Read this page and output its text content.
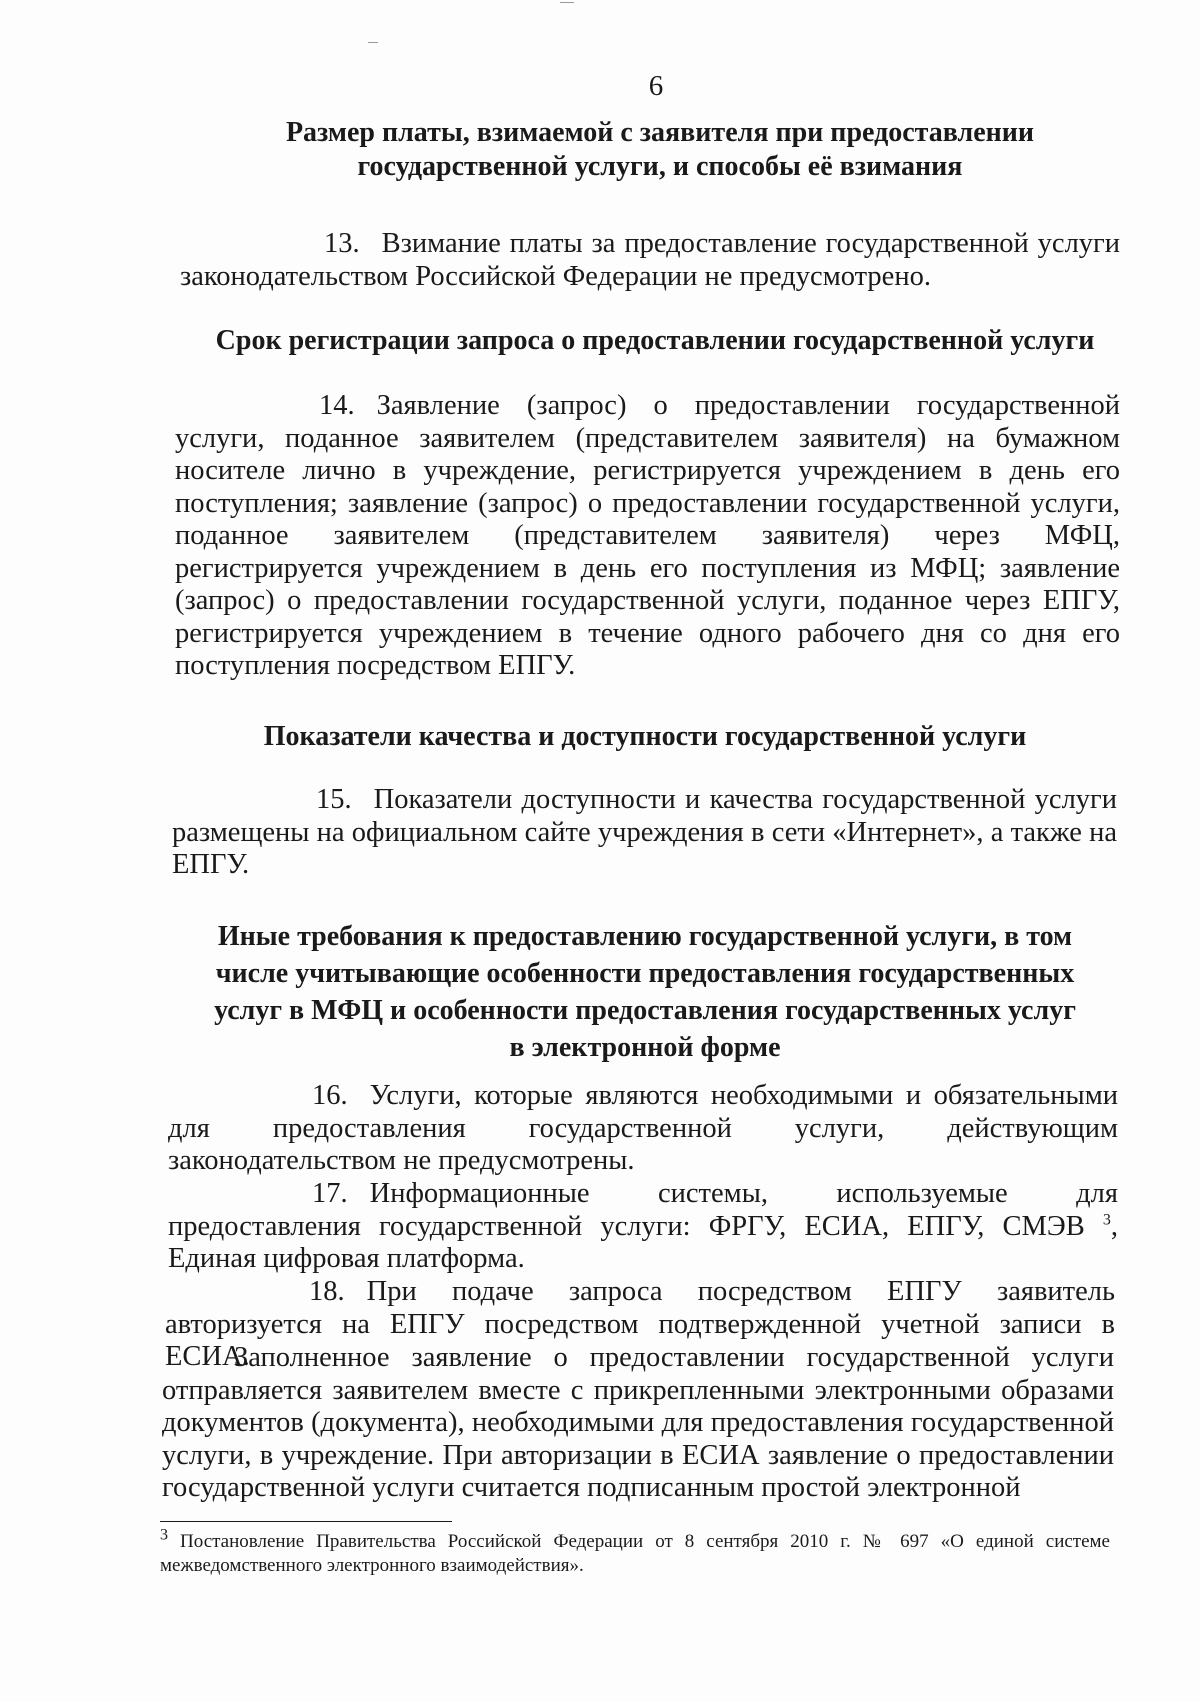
6
Размер платы, взимаемой с заявителя при предоставлении государственной услуги, и способы её взимания
13. Взимание платы за предоставление государственной услуги законодательством Российской Федерации не предусмотрено.
Срок регистрации запроса о предоставлении государственной услуги
14. Заявление (запрос) о предоставлении государственной услуги, поданное заявителем (представителем заявителя) на бумажном носителе лично в учреждение, регистрируется учреждением в день его поступления; заявление (запрос) о предоставлении государственной услуги, поданное заявителем (представителем заявителя) через МФЦ, регистрируется учреждением в день его поступления из МФЦ; заявление (запрос) о предоставлении государственной услуги, поданное через ЕПГУ, регистрируется учреждением в течение одного рабочего дня со дня его поступления посредством ЕПГУ.
Показатели качества и доступности государственной услуги
15. Показатели доступности и качества государственной услуги размещены на официальном сайте учреждения в сети «Интернет», а также на ЕПГУ.
Иные требования к предоставлению государственной услуги, в том
числе учитывающие особенности предоставления государственных
услуг в МФЦ и особенности предоставления государственных услуг
в электронной форме
16. Услуги, которые являются необходимыми и обязательными для предоставления государственной услуги, действующим законодательством не предусмотрены.
17. Информационные системы, используемые для предоставления государственной услуги: ФРГУ, ЕСИА, ЕПГУ, СМЭВ $^3$, Единая цифровая платформа.
18. При подаче запроса посредством ЕПГУ заявитель авторизуется на ЕПГУ посредством подтвержденной учетной записи в ЕСИА.
Заполненное заявление о предоставлении государственной услуги отправляется заявителем вместе с прикрепленными электронными образами документов (документа), необходимыми для предоставления государственной услуги, в учреждение. При авторизации в ЕСИА заявление о предоставлении государственной услуги считается подписанным простой электронной
$^3$ Постановление Правительства Российской Федерации от 8 сентября 2010 г. № 697 «О единой системе межведомственного электронного взаимодействия».
